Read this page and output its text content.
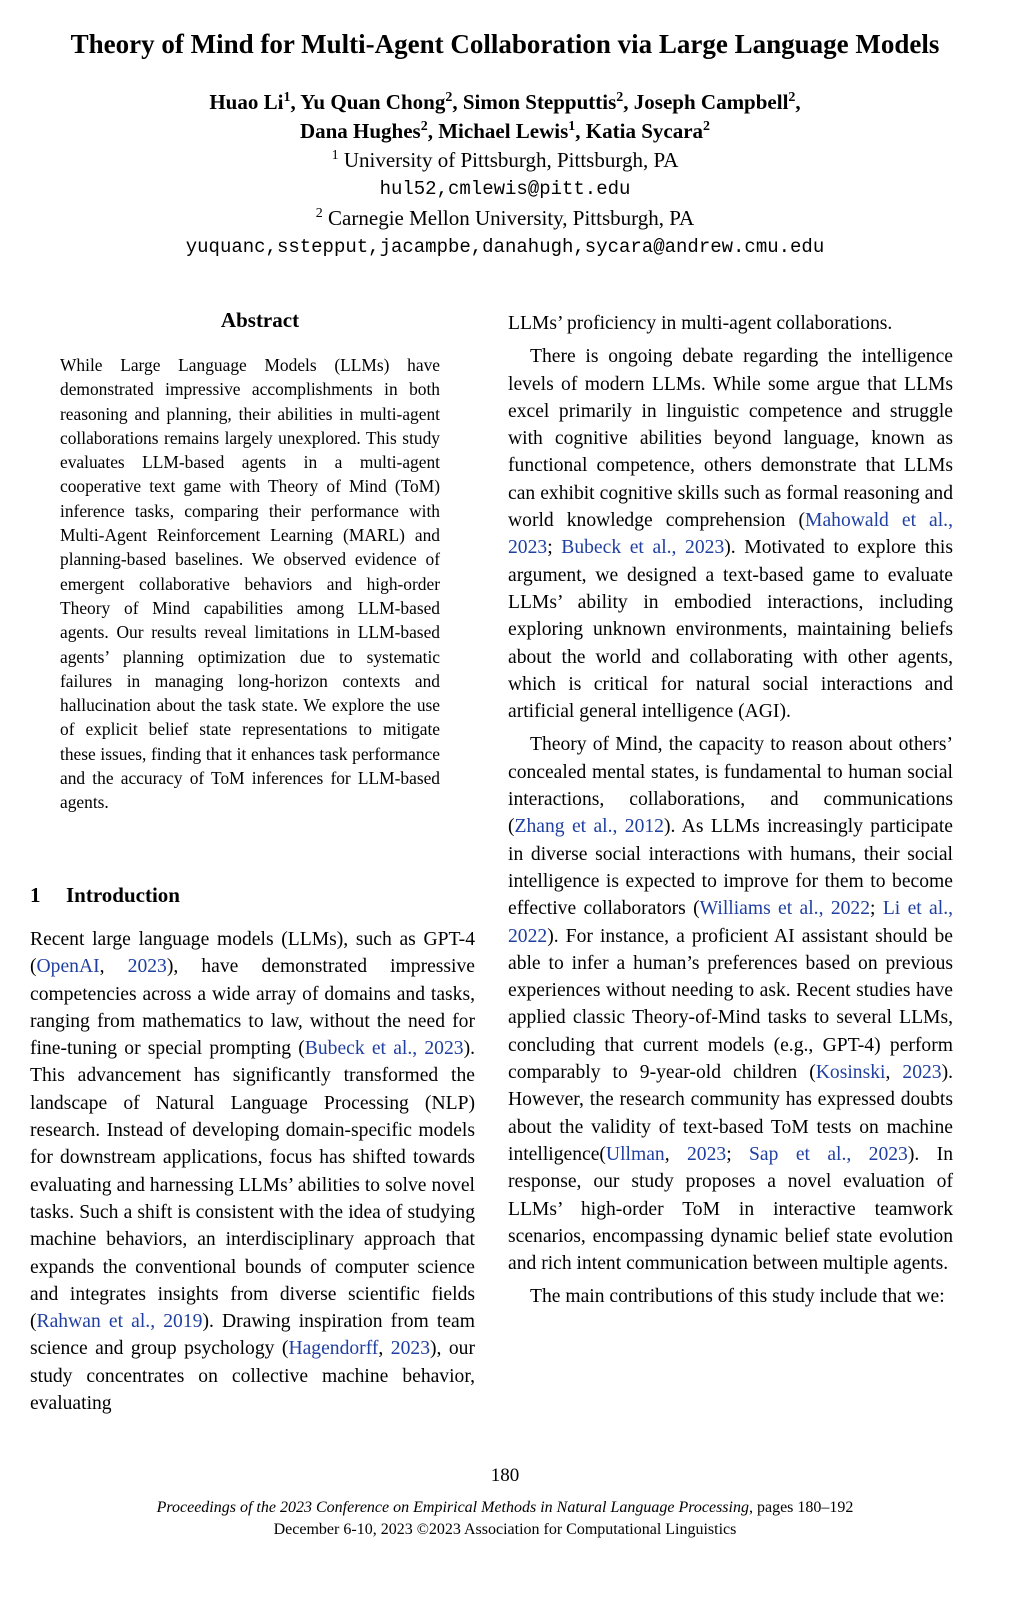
Theory of Mind for Multi-Agent Collaboration via Large Language Models
Huao Li$^1$, Yu Quan Chong$^2$, Simon Stepputtis$^2$, Joseph Campbell$^2$,
Dana Hughes$^2$, Michael Lewis$^1$, Katia Sycara$^2$
$^1$ University of Pittsburgh, Pittsburgh, PA
hul52,cmlewis@pitt.edu
$^2$ Carnegie Mellon University, Pittsburgh, PA
yuquanc,sstepput,jacampbe,danahugh,sycara@andrew.cmu.edu
Abstract

While Large Language Models (LLMs) have demonstrated impressive accomplishments in both reasoning and planning, their abilities in multi-agent collaborations remains largely unexplored. This study evaluates LLM-based agents in a multi-agent cooperative text game with Theory of Mind (ToM) inference tasks, comparing their performance with Multi-Agent Reinforcement Learning (MARL) and planning-based baselines. We observed evidence of emergent collaborative behaviors and high-order Theory of Mind capabilities among LLM-based agents. Our results reveal limitations in LLM-based agents’ planning optimization due to systematic failures in managing long-horizon contexts and hallucination about the task state. We explore the use of explicit belief state representations to mitigate these issues, finding that it enhances task performance and the accuracy of ToM inferences for LLM-based agents.

1 Introduction

Recent large language models (LLMs), such as GPT-4 (OpenAI, 2023), have demonstrated impressive competencies across a wide array of domains and tasks, ranging from mathematics to law, without the need for fine-tuning or special prompting (Bubeck et al., 2023). This advancement has significantly transformed the landscape of Natural Language Processing (NLP) research. Instead of developing domain-specific models for downstream applications, focus has shifted towards evaluating and harnessing LLMs’ abilities to solve novel tasks. Such a shift is consistent with the idea of studying machine behaviors, an interdisciplinary approach that expands the conventional bounds of computer science and integrates insights from diverse scientific fields (Rahwan et al., 2019). Drawing inspiration from team science and group psychology (Hagendorff, 2023), our study concentrates on collective machine behavior, evaluating

LLMs’ proficiency in multi-agent collaborations.

There is ongoing debate regarding the intelligence levels of modern LLMs. While some argue that LLMs excel primarily in linguistic competence and struggle with cognitive abilities beyond language, known as functional competence, others demonstrate that LLMs can exhibit cognitive skills such as formal reasoning and world knowledge comprehension (Mahowald et al., 2023; Bubeck et al., 2023). Motivated to explore this argument, we designed a text-based game to evaluate LLMs’ ability in embodied interactions, including exploring unknown environments, maintaining beliefs about the world and collaborating with other agents, which is critical for natural social interactions and artificial general intelligence (AGI).

Theory of Mind, the capacity to reason about others’ concealed mental states, is fundamental to human social interactions, collaborations, and communications (Zhang et al., 2012). As LLMs increasingly participate in diverse social interactions with humans, their social intelligence is expected to improve for them to become effective collaborators (Williams et al., 2022; Li et al., 2022). For instance, a proficient AI assistant should be able to infer a human’s preferences based on previous experiences without needing to ask. Recent studies have applied classic Theory-of-Mind tasks to several LLMs, concluding that current models (e.g., GPT-4) perform comparably to 9-year-old children (Kosinski, 2023). However, the research community has expressed doubts about the validity of text-based ToM tests on machine intelligence(Ullman, 2023; Sap et al., 2023). In response, our study proposes a novel evaluation of LLMs’ high-order ToM in interactive teamwork scenarios, encompassing dynamic belief state evolution and rich intent communication between multiple agents.

The main contributions of this study include that we:

180
Proceedings of the 2023 Conference on Empirical Methods in Natural Language Processing, pages 180–192
December 6-10, 2023 ©2023 Association for Computational Linguistics
